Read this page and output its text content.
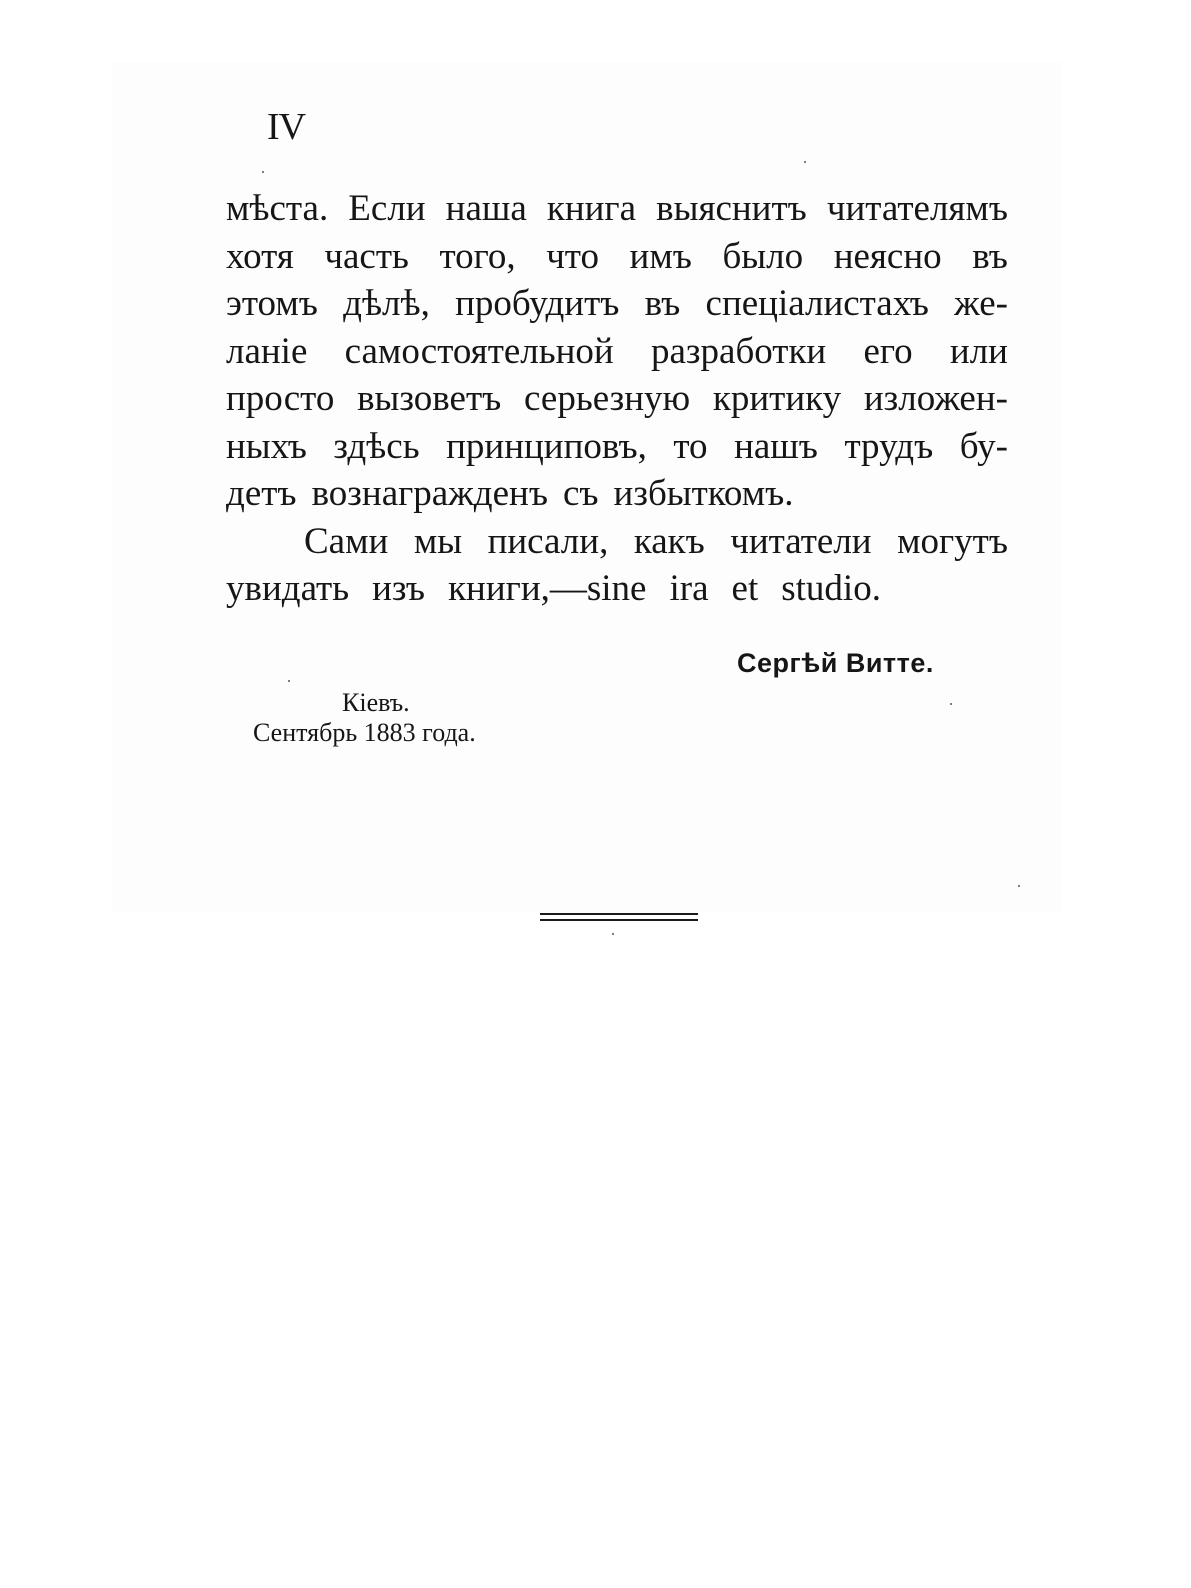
IV
мѣста. Если наша книга выяснитъ читателямъ
хотя часть того, что имъ было неясно въ
этомъ дѣлѣ, пробудитъ въ спеціалистахъ же-
ланіе самостоятельной разработки его или
просто вызоветъ серьезную критику изложен-
ныхъ здѣсь принциповъ, то нашъ трудъ бу-
детъ вознагражденъ съ избыткомъ.
Сами мы писали, какъ читатели могутъ
увидать изъ книги,—sine ira et studio.
Сергѣй Витте.
Кіевъ.
Сентябрь 1883 года.
